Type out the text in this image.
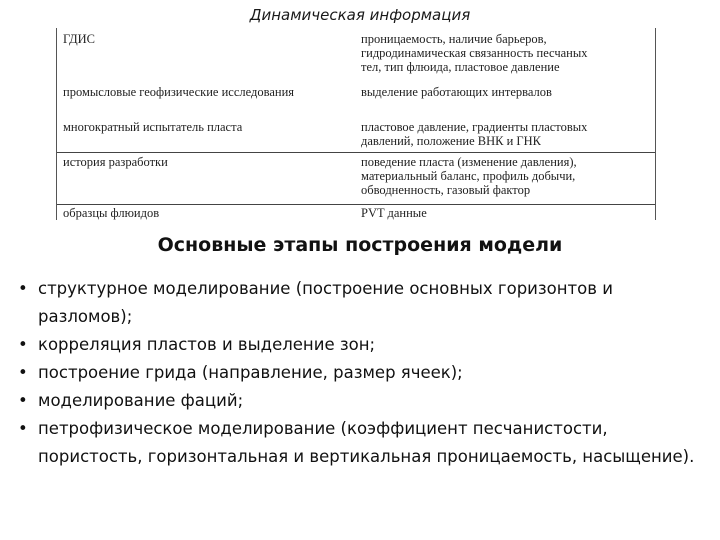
Динамическая информация
ГДИС	проницаемость, наличие барьеров,
гидродинамическая связанность песчаных
тел, тип флюида, пластовое давление
промысловые геофизические исследования	выделение работающих интервалов
многократный испытатель пласта	пластовое давление, градиенты пластовых
давлений, положение ВНК и ГНК
история разработки	поведение пласта (изменение давления),
материальный баланс, профиль добычи,
обводненность, газовый фактор
образцы флюидов	PVT данные
Основные этапы построения модели
• структурное моделирование (построение основных горизонтов и разломов);
• корреляция пластов и выделение зон;
• построение грида (направление, размер ячеек);
• моделирование фаций;
• петрофизическое моделирование (коэффициент песчанистости, пористость, горизонтальная и вертикальная проницаемость, насыщение).
